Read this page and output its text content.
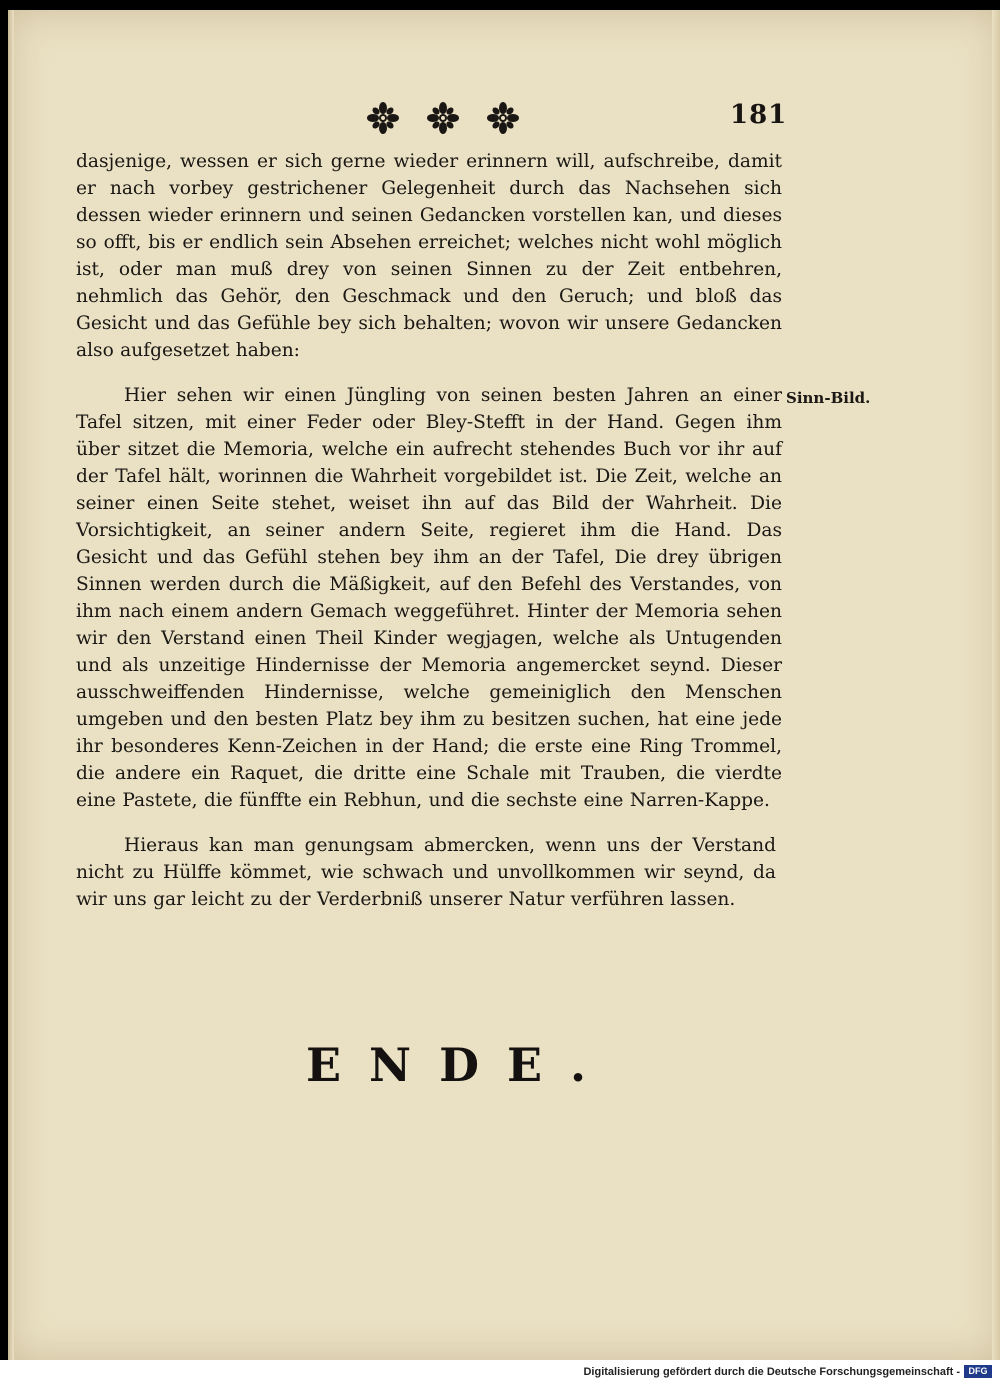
181

dasjenige, wessen er sich gerne wieder erinnern will, aufschreibe, damit er nach vorbey gestrichener Gelegenheit durch das Nachsehen sich dessen wieder erinnern und seinen Gedancken vorstellen kan, und dieses so offt, bis er endlich sein Absehen erreichet; welches nicht wohl möglich ist, oder man muß drey von seinen Sinnen zu der Zeit entbehren, nehmlich das Gehör, den Geschmack und den Geruch; und bloß das Gesicht und das Gefühle bey sich behalten; wovon wir unsere Gedancken also aufgesetzet haben:

Hier sehen wir einen Jüngling von seinen besten Jahren an einer Tafel sitzen, mit einer Feder oder Bley-Stefft in der Hand. Gegen ihm über sitzet die Memoria, welche ein aufrecht stehendes Buch vor ihr auf der Tafel hält, worinnen die Wahrheit vorgebildet ist. Die Zeit, welche an seiner einen Seite stehet, weiset ihn auf das Bild der Wahrheit. Die Vorsichtigkeit, an seiner andern Seite, regieret ihm die Hand. Das Gesicht und das Gefühl stehen bey ihm an der Tafel, Die drey übrigen Sinnen werden durch die Mäßigkeit, auf den Befehl des Verstandes, von ihm nach einem andern Gemach weggeführet. Hinter der Memoria sehen wir den Verstand einen Theil Kinder wegjagen, welche als Untugenden und als unzeitige Hindernisse der Memoria angemercket seynd. Dieser ausschweiffenden Hindernisse, welche gemeiniglich den Menschen umgeben und den besten Platz bey ihm zu besitzen suchen, hat eine jede ihr besonderes Kenn-Zeichen in der Hand; die erste eine Ring Trommel, die andere ein Raquet, die dritte eine Schale mit Trauben, die vierdte eine Pastete, die fünffte ein Rebhun, und die sechste eine Narren-Kappe.

Hieraus kan man genungsam abmercken, wenn uns der Verstand nicht zu Hülffe kömmet, wie schwach und unvollkommen wir seynd, da wir uns gar leicht zu der Verderbniß unserer Natur verführen lassen.

Sinn-Bild.
ENDE.
Digitalisierung gefördert durch die Deutsche Forschungsgemeinschaft - DFG
